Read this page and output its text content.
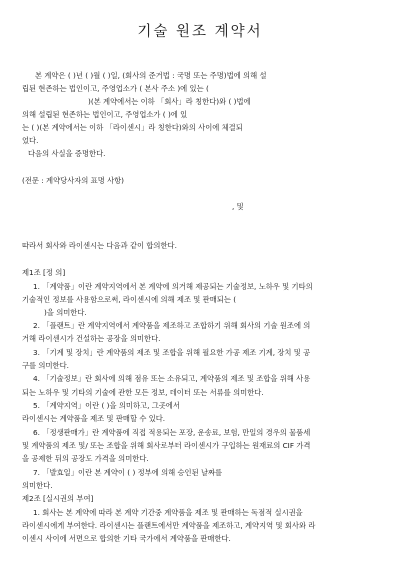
기술 원조 계약서
본 계약은 ( )년 ( )월 ( )일, (회사의 준거법 : 국명 또는 주명)법에 의해 설
립된 현존하는 법인이고, 주영업소가 ( 본사 주소 )에 있는 (
)(본 계약에서는 이하 「회사」라 칭한다)와 ( )법에
의해 설립된 현존하는 법인이고, 주영업소가 ( )에 있
는 ( )(본 계약에서는 이하 「라이센시」라 칭한다)와의 사이에 체결되
었다.
다음의 사실을 증명한다.
(전문 : 계약당사자의 표명 사항)
, 및
따라서 회사와 라이센시는 다음과 같이 합의한다.
제1조 [정 의]
1. 「계약품」이란 계약지역에서 본 계약에 의거해 제공되는 기술정보, 노하우 및 기타의
기술적인 정보를 사용함으로써, 라이센시에 의해 제조 및 판매되는 (
)을 의미한다.
2. 「플랜트」란 계약지역에서 계약품을 제조하고 조합하기 위해 회사의 기술 원조에 의
거해 라이센시가 건설하는 공장을 의미한다.
3. 「기계 및 장치」란 계약품의 제조 및 조합을 위해 필요한 가공 제조 기계, 장치 및 공
구를 의미한다.
4. 「기술정보」란 회사에 의해 점유 또는 소유되고, 계약품의 제조 및 조합을 위해 사용
되는 노하우 및 기타의 기술에 관한 모든 정보, 데이터 또는 서류를 의미한다.
5. 「계약지역」이란 ( )을 의미하고, 그곳에서
라이센시는 계약품을 제조 및 판매할 수 있다.
6. 「정생판매가」란 계약품에 직접 적용되는 포장, 운송료, 보험, 만일의 경우의 물품세
및 계약품의 제조 및/ 또는 조합을 위해 회사로부터 라이센시가 구입하는 원재료의 CIF 가격
을 공제한 뒤의 공장도 가격을 의미한다.
7. 「발효일」이란 본 계약이 ( ) 정부에 의해 승인된 날짜를
의미한다.
제2조 [실시권의 부여]
1. 회사는 본 계약에 따라 본 계약 기간중 계약품을 제조 및 판매하는 독점적 실시권을
라이센시에게 부여한다. 라이센시는 플랜트에서만 계약품을 제조하고, 계약지역 및 회사와 라
이센시 사이에 서면으로 합의한 기타 국가에서 계약품을 판매한다.
